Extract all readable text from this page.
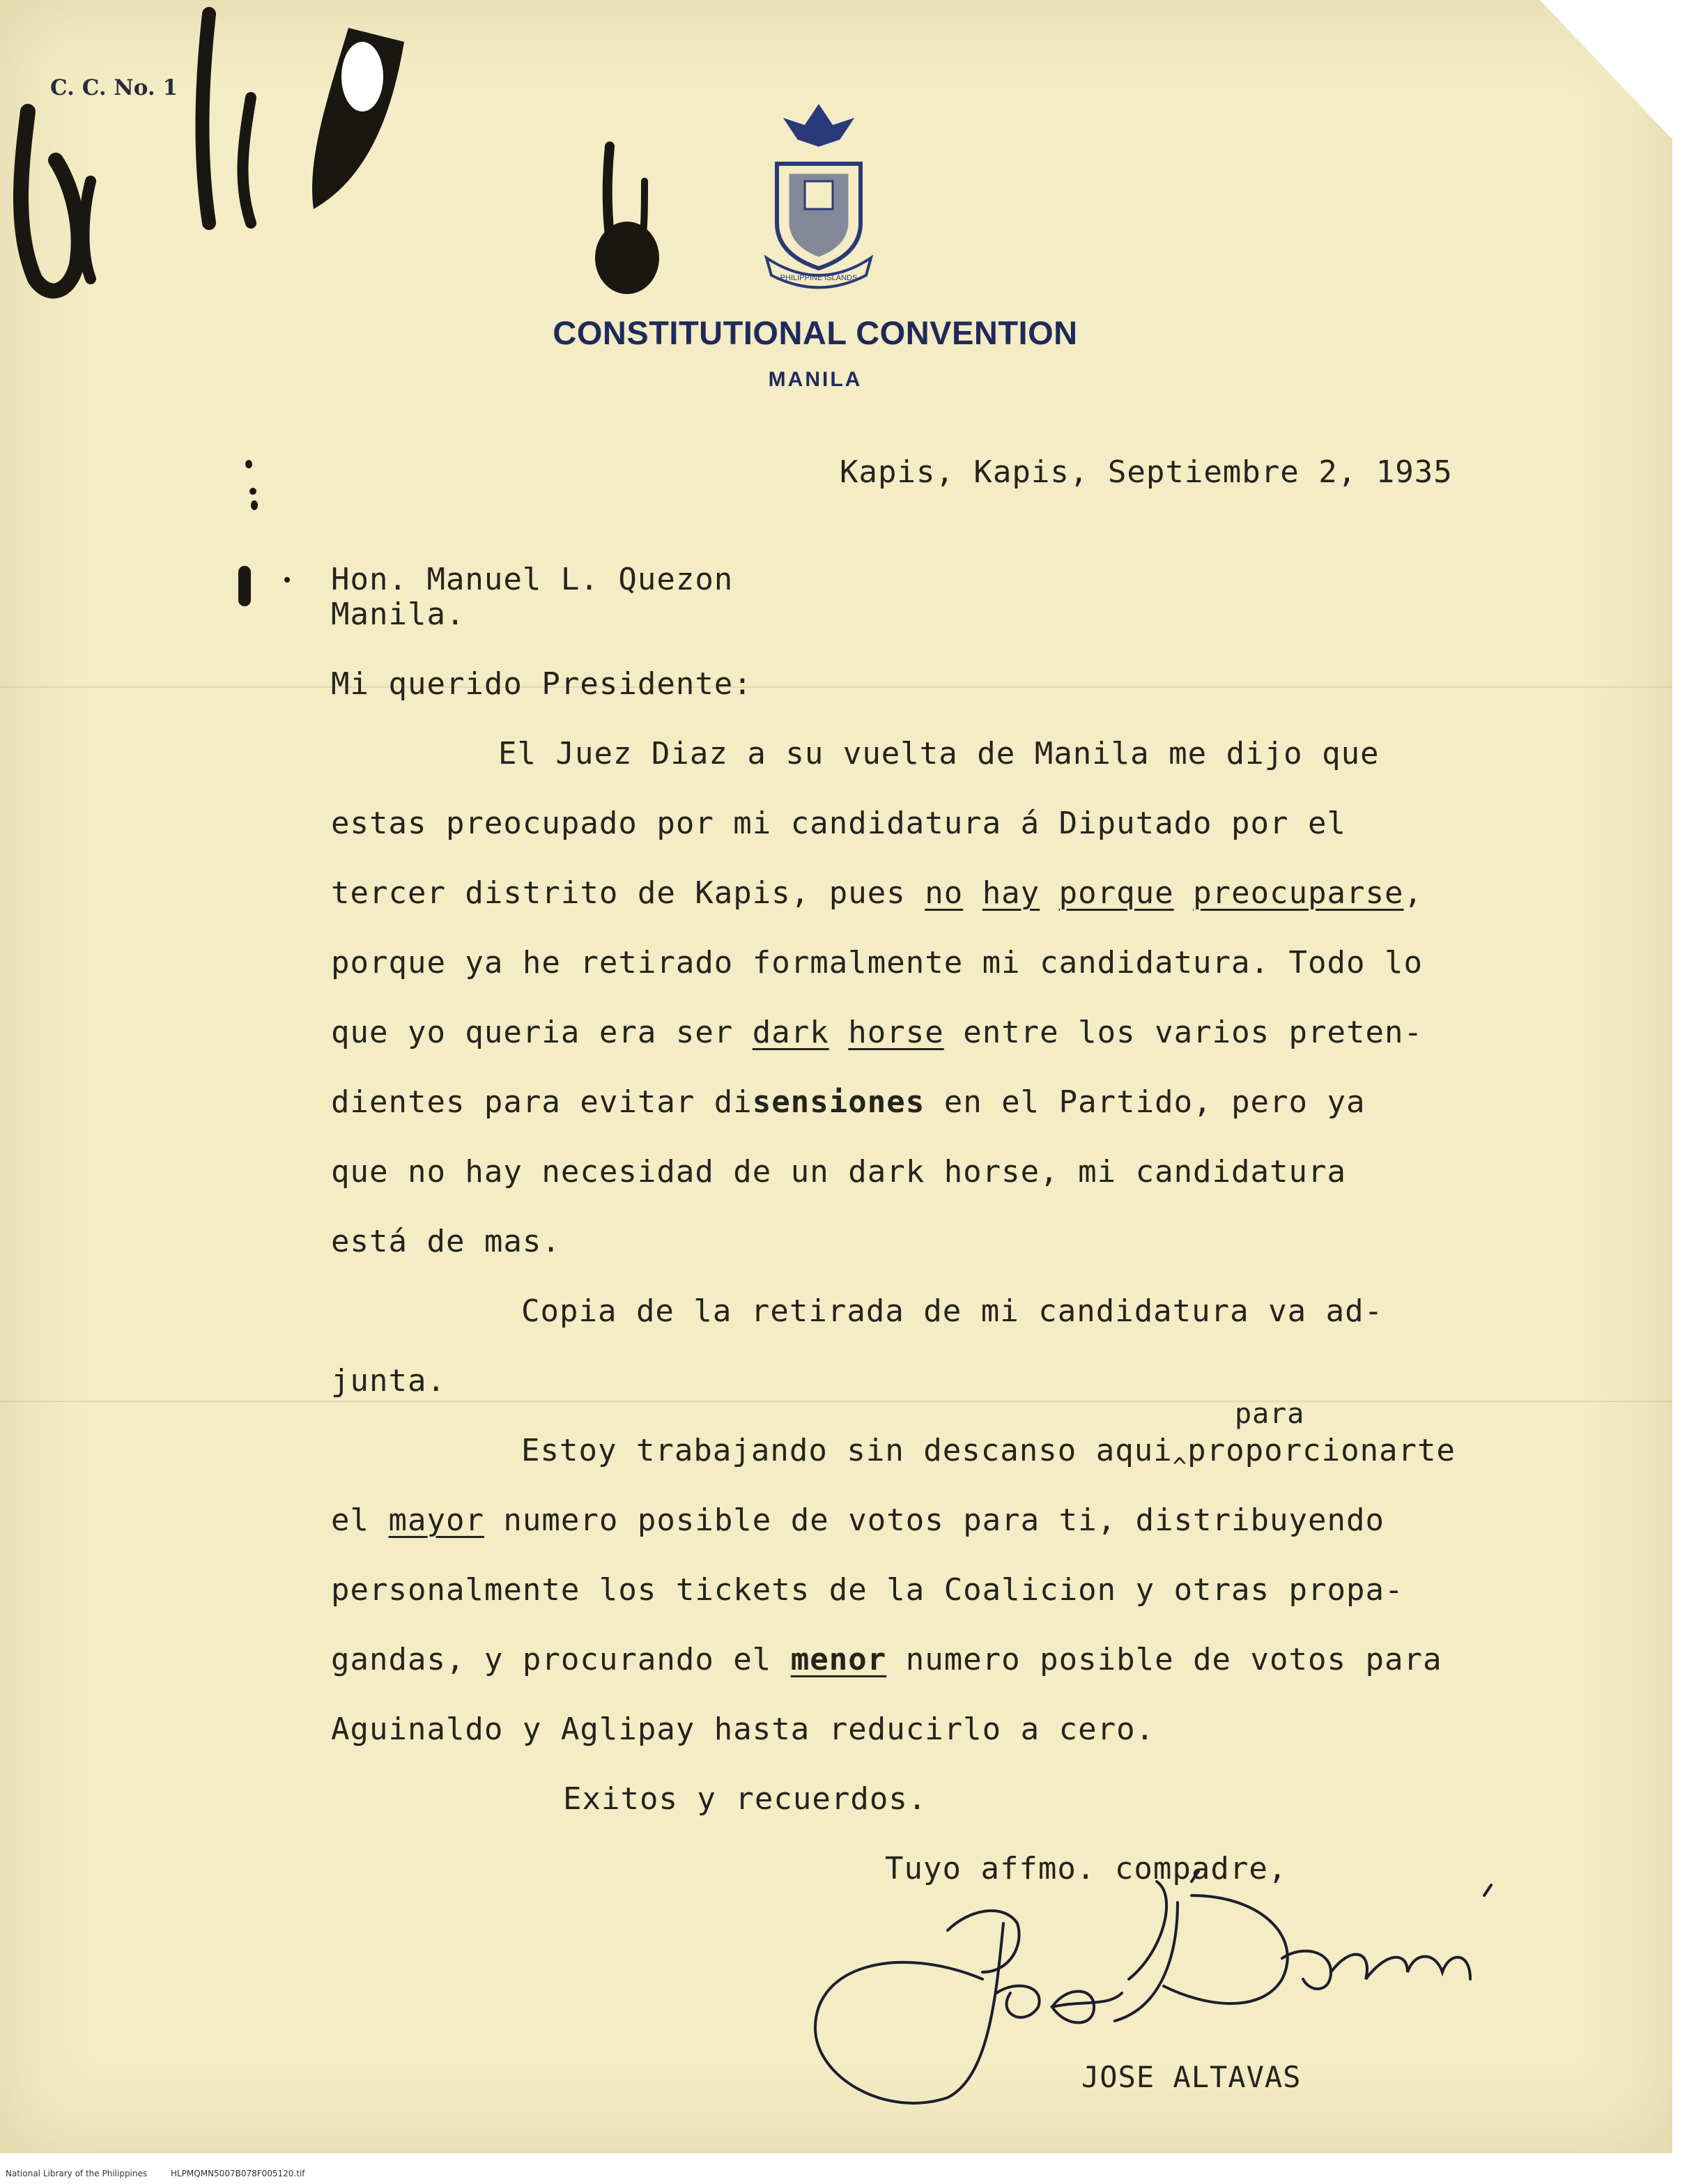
C. C. No. 1
PHILIPPINE ISLANDS
CONSTITUTIONAL CONVENTION
MANILA
Kapis, Kapis, Septiembre 2, 1935
Hon. Manuel L. Quezon
Manila.
Mi querido Presidente:
El Juez Diaz a su vuelta de Manila me dijo que
estas preocupado por mi candidatura á Diputado por el
tercer distrito de Kapis, pues no hay porque preocuparse,
porque ya he retirado formalmente mi candidatura. Todo lo
que yo queria era ser dark horse entre los varios preten-
dientes para evitar disensiones en el Partido, pero ya
que no hay necesidad de un dark horse, mi candidatura
está de mas.
Copia de la retirada de mi candidatura va ad-
junta.
para
Estoy trabajando sin descanso aqui$_{\^{}}$proporcionarte
el mayor numero posible de votos para ti, distribuyendo
personalmente los tickets de la Coalicion y otras propa-
gandas, y procurando el menor numero posible de votos para
Aguinaldo y Aglipay hasta reducirlo a cero.
Exitos y recuerdos.
Tuyo affmo. compadre,
Jose Altavas
JOSE ALTAVAS
National Library of the Philippines	HLPMQMN5007B078F005120.tif
